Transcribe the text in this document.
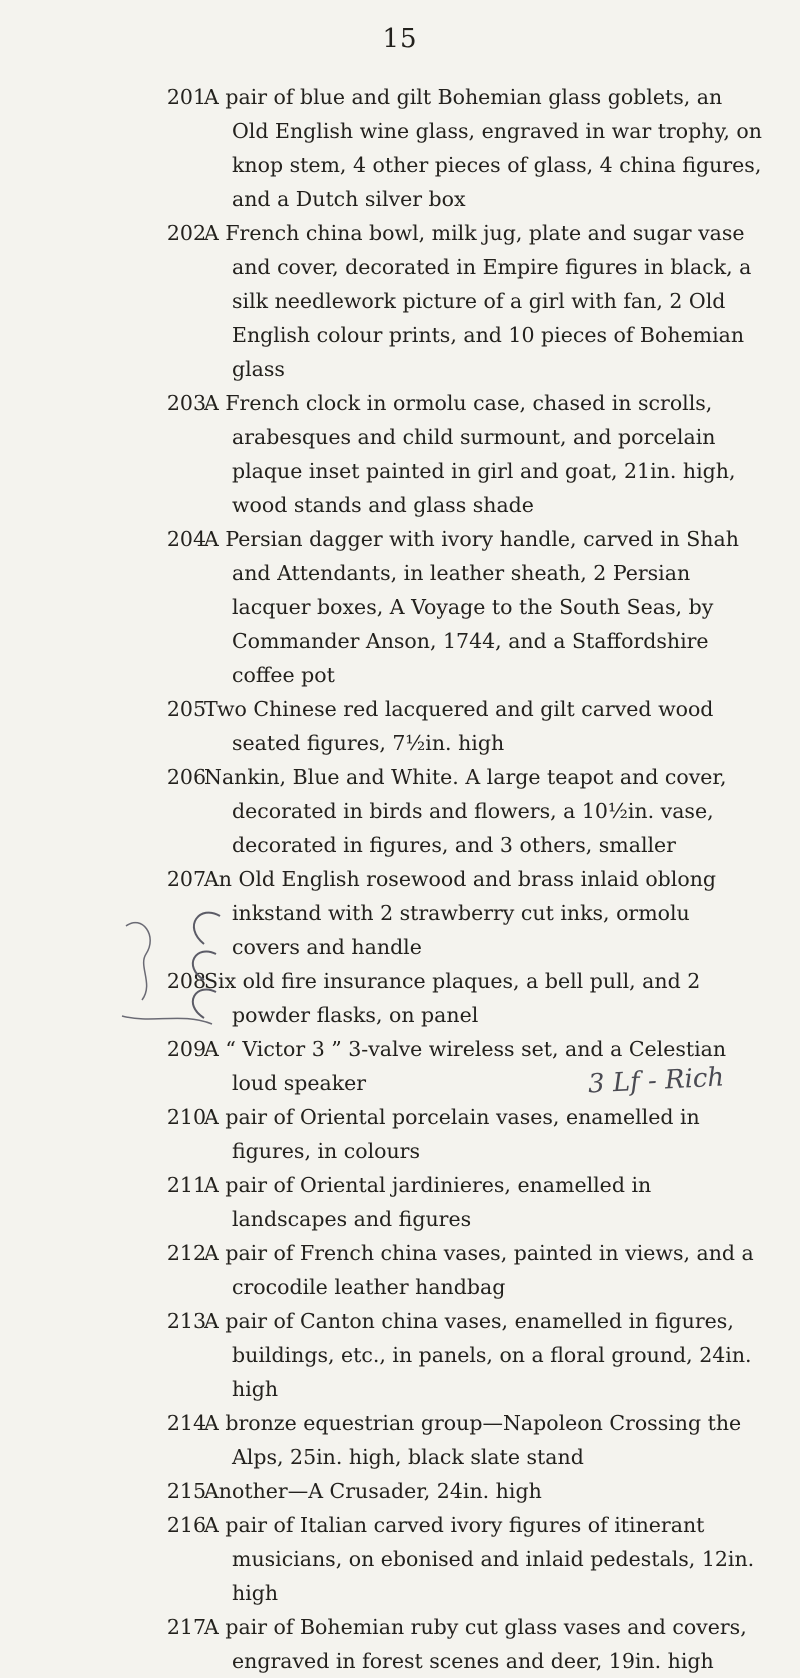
15
201
A pair of blue and gilt Bohemian glass goblets, an Old English wine glass, engraved in war trophy, on knop stem, 4 other pieces of glass, 4 china figures, and a Dutch silver box
202
A French china bowl, milk jug, plate and sugar vase and cover, decorated in Empire figures in black, a silk needlework picture of a girl with fan, 2 Old English colour prints, and 10 pieces of Bohemian glass
203
A French clock in ormolu case, chased in scrolls, arabesques and child surmount, and porcelain plaque inset painted in girl and goat, 21in. high, wood stands and glass shade
204
A Persian dagger with ivory handle, carved in Shah and Attendants, in leather sheath, 2 Persian lacquer boxes, A Voyage to the South Seas, by Commander Anson, 1744, and a Staffordshire coffee pot
205
Two Chinese red lacquered and gilt carved wood seated figures, 7½in. high
206
Nankin, Blue and White. A large teapot and cover, decorated in birds and flowers, a 10½in. vase, decorated in figures, and 3 others, smaller
207
An Old English rosewood and brass inlaid oblong inkstand with 2 strawberry cut inks, ormolu covers and handle
208
Six old fire insurance plaques, a bell pull, and 2 powder flasks, on panel
209
A “ Victor 3 ” 3-valve wireless set, and a Celestian loud speaker
210
A pair of Oriental porcelain vases, enamelled in figures, in colours
211
A pair of Oriental jardinieres, enamelled in landscapes and figures
212
A pair of French china vases, painted in views, and a crocodile leather handbag
213
A pair of Canton china vases, enamelled in figures, buildings, etc., in panels, on a floral ground, 24in. high
214
A bronze equestrian group—Napoleon Crossing the Alps, 25in. high, black slate stand
215
Another—A Crusader, 24in. high
216
A pair of Italian carved ivory figures of itinerant musicians, on ebonised and inlaid pedestals, 12in. high
217
A pair of Bohemian ruby cut glass vases and covers, engraved in forest scenes and deer, 19in. high
3 Lf - Rich
